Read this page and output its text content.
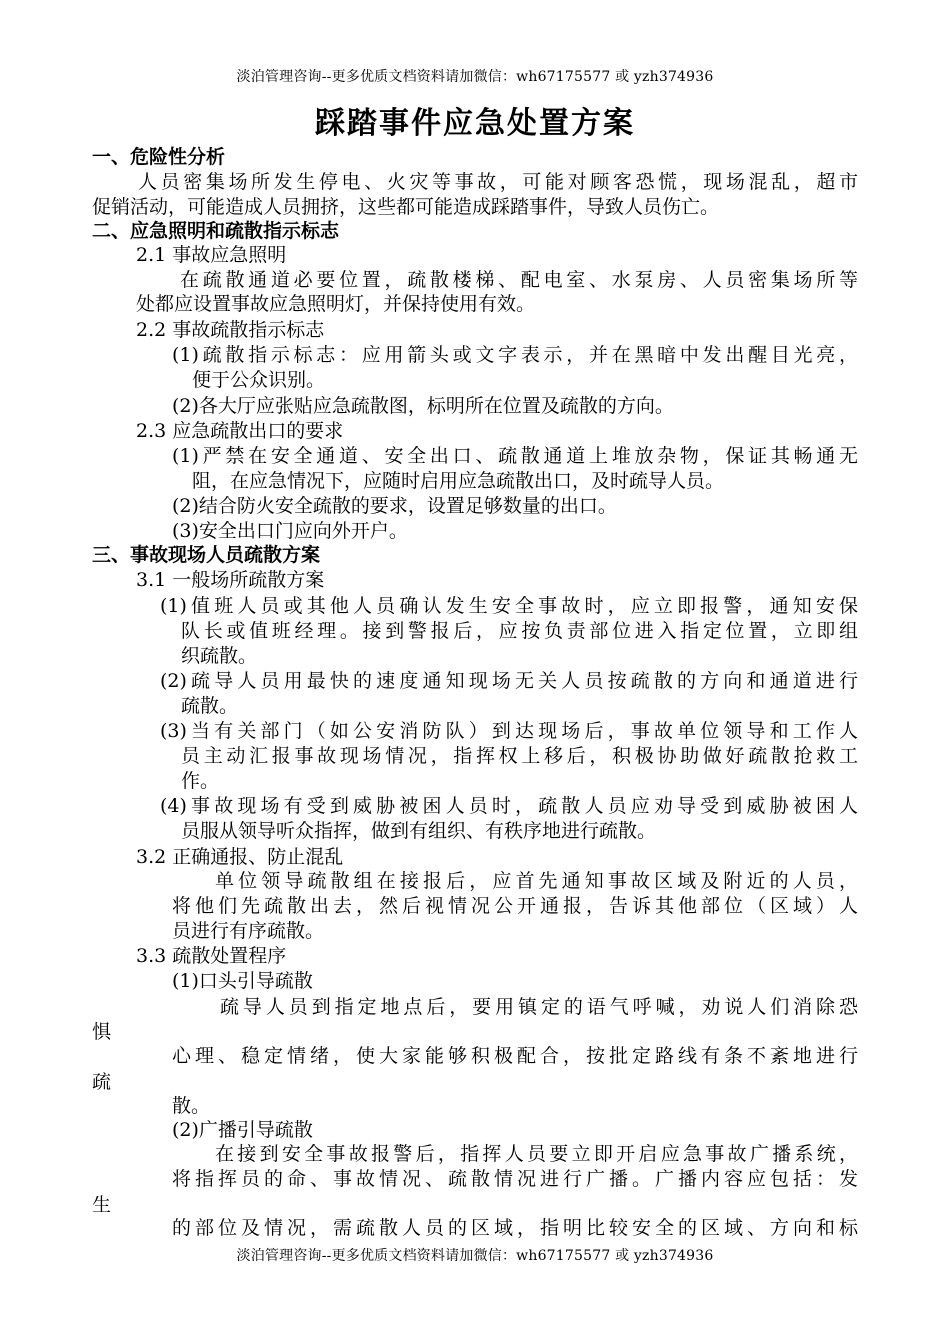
淡泊管理咨询--更多优质文档资料请加微信：wh67175577 或 yzh374936
踩踏事件应急处置方案
一、危险性分析
人员密集场所发生停电、火灾等事故，可能对顾客恐慌，现场混乱，超市
促销活动，可能造成人员拥挤，这些都可能造成踩踏事件，导致人员伤亡。
二、应急照明和疏散指示标志
2.1 事故应急照明
在疏散通道必要位置，疏散楼梯、配电室、水泵房、人员密集场所等
处都应设置事故应急照明灯，并保持使用有效。
2.2 事故疏散指示标志
(1)疏散指示标志：应用箭头或文字表示，并在黑暗中发出醒目光亮，
便于公众识别。
(2)各大厅应张贴应急疏散图，标明所在位置及疏散的方向。
2.3 应急疏散出口的要求
(1)严禁在安全通道、安全出口、疏散通道上堆放杂物，保证其畅通无
阻，在应急情况下，应随时启用应急疏散出口，及时疏导人员。
(2)结合防火安全疏散的要求，设置足够数量的出口。
(3)安全出口门应向外开户。
三、事故现场人员疏散方案
3.1 一般场所疏散方案
(1)值班人员或其他人员确认发生安全事故时，应立即报警，通知安保
队长或值班经理。接到警报后，应按负责部位进入指定位置，立即组
织疏散。
(2)疏导人员用最快的速度通知现场无关人员按疏散的方向和通道进行
疏散。
(3)当有关部门（如公安消防队）到达现场后，事故单位领导和工作人
员主动汇报事故现场情况，指挥权上移后，积极协助做好疏散抢救工
作。
(4)事故现场有受到威胁被困人员时，疏散人员应劝导受到威胁被困人
员服从领导听众指挥，做到有组织、有秩序地进行疏散。
3.2 正确通报、防止混乱
单位领导疏散组在接报后，应首先通知事故区域及附近的人员，
将他们先疏散出去，然后视情况公开通报，告诉其他部位（区域）人
员进行有序疏散。
3.3 疏散处置程序
(1)口头引导疏散
疏导人员到指定地点后，要用镇定的语气呼喊，劝说人们消除恐
惧
心理、稳定情绪，使大家能够积极配合，按批定路线有条不紊地进行
疏
散。
(2)广播引导疏散
在接到安全事故报警后，指挥人员要立即开启应急事故广播系统，
将指挥员的命、事故情况、疏散情况进行广播。广播内容应包括：发
生
的部位及情况，需疏散人员的区域，指明比较安全的区域、方向和标
淡泊管理咨询--更多优质文档资料请加微信：wh67175577 或 yzh374936
